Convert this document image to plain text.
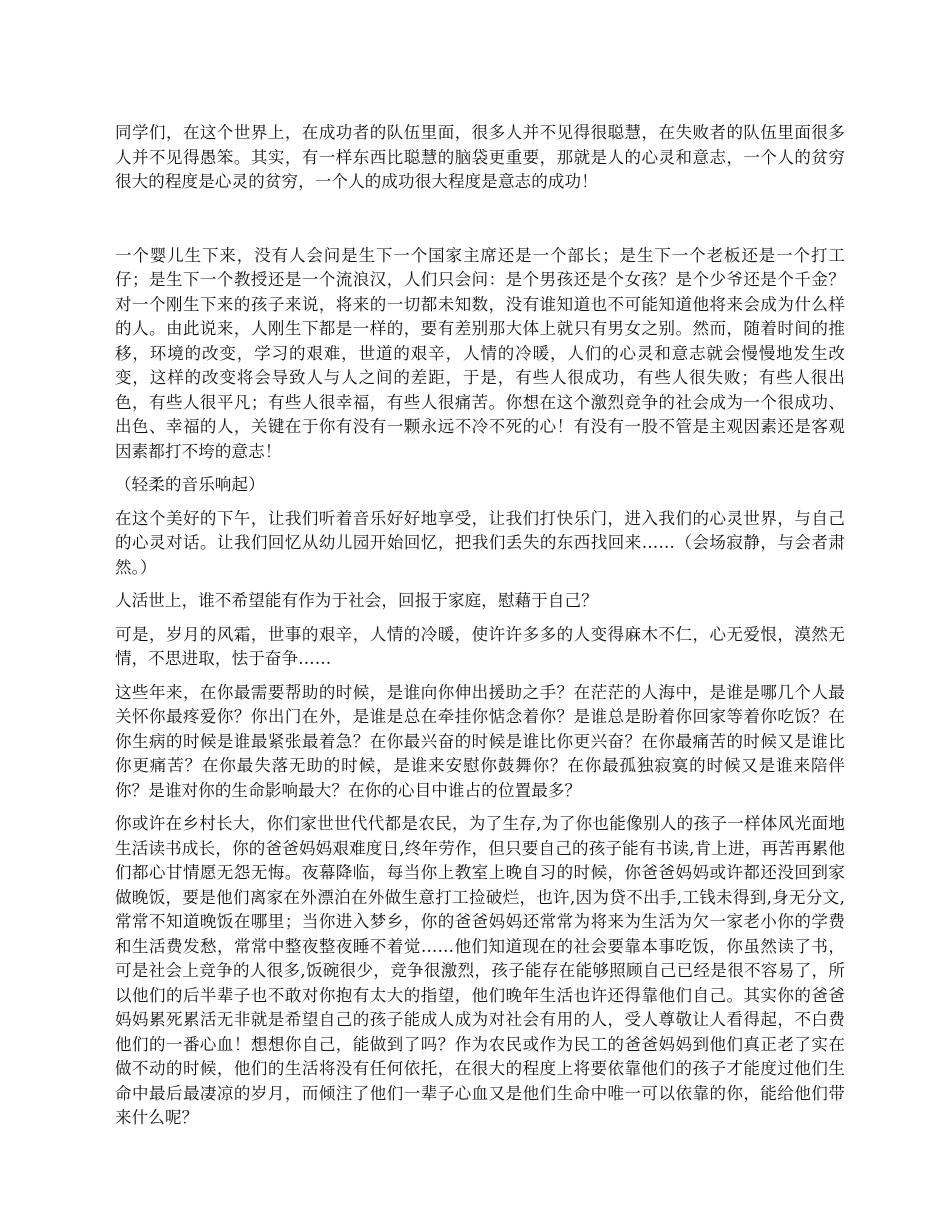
同学们，在这个世界上，在成功者的队伍里面，很多人并不见得很聪慧，在失败者的队伍里面很多人并不见得愚笨。其实，有一样东西比聪慧的脑袋更重要，那就是人的心灵和意志，一个人的贫穷很大的程度是心灵的贫穷，一个人的成功很大程度是意志的成功！

一个婴儿生下来，没有人会问是生下一个国家主席还是一个部长；是生下一个老板还是一个打工仔；是生下一个教授还是一个流浪汉，人们只会问：是个男孩还是个女孩？是个少爷还是个千金？对一个刚生下来的孩子来说，将来的一切都未知数，没有谁知道也不可能知道他将来会成为什么样的人。由此说来，人刚生下都是一样的，要有差别那大体上就只有男女之别。然而，随着时间的推移，环境的改变，学习的艰难，世道的艰辛，人情的冷暖，人们的心灵和意志就会慢慢地发生改变，这样的改变将会导致人与人之间的差距，于是，有些人很成功，有些人很失败；有些人很出色，有些人很平凡；有些人很幸福，有些人很痛苦。你想在这个激烈竞争的社会成为一个很成功、出色、幸福的人，关键在于你有没有一颗永远不冷不死的心！有没有一股不管是主观因素还是客观因素都打不垮的意志！

（轻柔的音乐响起）

在这个美好的下午，让我们听着音乐好好地享受，让我们打快乐门，进入我们的心灵世界，与自己的心灵对话。让我们回忆从幼儿园开始回忆，把我们丢失的东西找回来……（会场寂静，与会者肃然。）

人活世上，谁不希望能有作为于社会，回报于家庭，慰藉于自己？

可是，岁月的风霜，世事的艰辛，人情的冷暖，使许许多多的人变得麻木不仁，心无爱恨，漠然无情，不思进取，怯于奋争……

这些年来，在你最需要帮助的时候，是谁向你伸出援助之手？在茫茫的人海中，是谁是哪几个人最关怀你最疼爱你？你出门在外，是谁是总在牵挂你惦念着你？是谁总是盼着你回家等着你吃饭？在你生病的时候是谁最紧张最着急？在你最兴奋的时候是谁比你更兴奋？在你最痛苦的时候又是谁比你更痛苦？在你最失落无助的时候，是谁来安慰你鼓舞你？在你最孤独寂寞的时候又是谁来陪伴你？是谁对你的生命影响最大？在你的心目中谁占的位置最多？

你或许在乡村长大，你们家世世代代都是农民，为了生存,为了你也能像别人的孩子一样体风光面地生活读书成长，你的爸爸妈妈艰难度日,终年劳作，但只要自己的孩子能有书读,肯上进，再苦再累他们都心甘情愿无怨无悔。夜幕降临，每当你上教室上晚自习的时候，你爸爸妈妈或许都还没回到家做晚饭，要是他们离家在外漂泊在外做生意打工捡破烂，也许,因为贷不出手,工钱未得到,身无分文,常常不知道晚饭在哪里；当你进入梦乡，你的爸爸妈妈还常常为将来为生活为欠一家老小你的学费和生活费发愁，常常中整夜整夜睡不着觉……他们知道现在的社会要靠本事吃饭，你虽然读了书，可是社会上竞争的人很多,饭碗很少，竞争很激烈，孩子能存在能够照顾自己已经是很不容易了，所以他们的后半辈子也不敢对你抱有太大的指望，他们晚年生活也许还得靠他们自己。其实你的爸爸妈妈累死累活无非就是希望自己的孩子能成人成为对社会有用的人，受人尊敬让人看得起，不白费他们的一番心血！想想你自己，能做到了吗？作为农民或作为民工的爸爸妈妈到他们真正老了实在做不动的时候，他们的生活将没有任何依托，在很大的程度上将要依靠他们的孩子才能度过他们生命中最后最凄凉的岁月，而倾注了他们一辈子心血又是他们生命中唯一可以依靠的你，能给他们带来什么呢？
